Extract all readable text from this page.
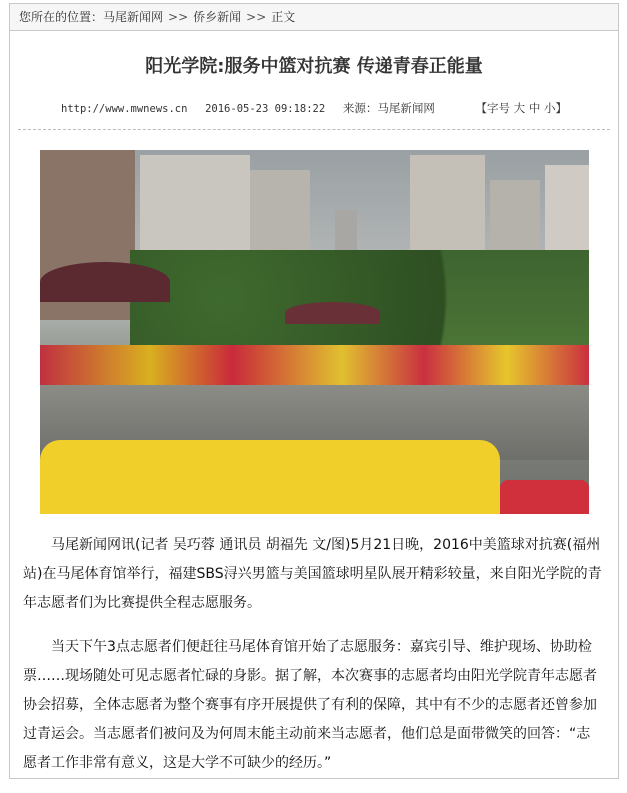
您所在的位置：马尾新闻网 >> 侨乡新闻 >> 正文
阳光学院:服务中篮对抗赛 传递青春正能量
http://www.mwnews.cn 2016-05-23 09:18:22 来源：马尾新闻网	【字号 大 中 小】

马尾新闻网讯(记者 吴巧蓉 通讯员 胡福先 文/图)5月21日晚，2016中美篮球对抗赛(福州站)在马尾体育馆举行，福建SBS浔兴男篮与美国篮球明星队展开精彩较量，来自阳光学院的青年志愿者们为比赛提供全程志愿服务。

当天下午3点志愿者们便赶往马尾体育馆开始了志愿服务：嘉宾引导、维护现场、协助检票……现场随处可见志愿者忙碌的身影。据了解，本次赛事的志愿者均由阳光学院青年志愿者协会招募，全体志愿者为整个赛事有序开展提供了有利的保障，其中有不少的志愿者还曾参加过青运会。当志愿者们被问及为何周末能主动前来当志愿者，他们总是面带微笑的回答：“志愿者工作非常有意义，这是大学不可缺少的经历。”
